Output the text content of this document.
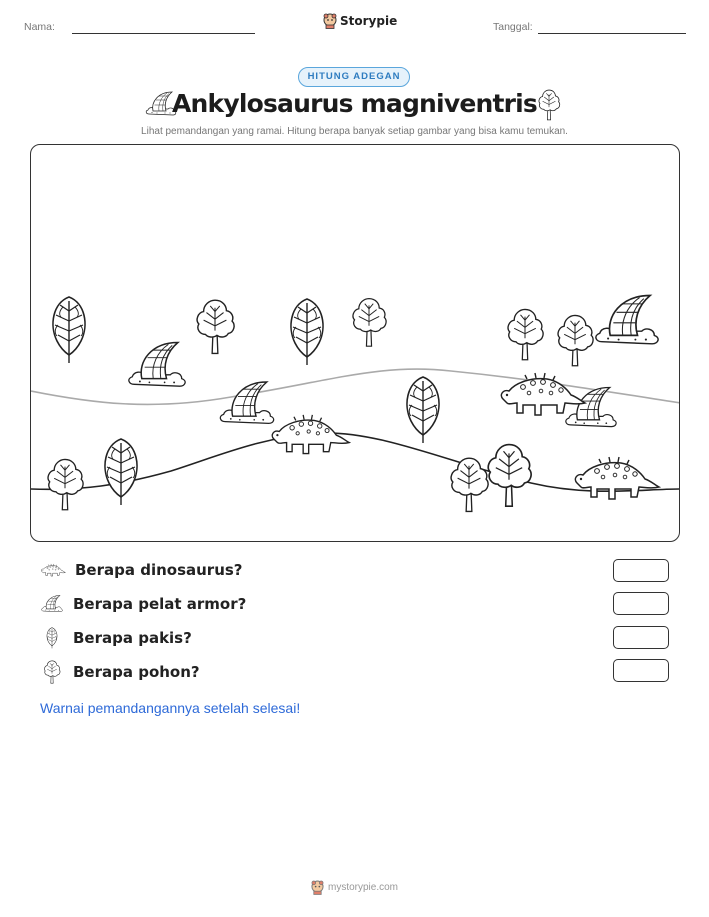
Nama:	Storypie	Tanggal:
HITUNG ADEGAN
Ankylosaurus magniventris
Lihat pemandangan yang ramai. Hitung berapa banyak setiap gambar yang bisa kamu temukan.
Berapa dinosaurus?
Berapa pelat armor?
Berapa pakis?
Berapa pohon?
Warnai pemandangannya setelah selesai!
mystorypie.com
